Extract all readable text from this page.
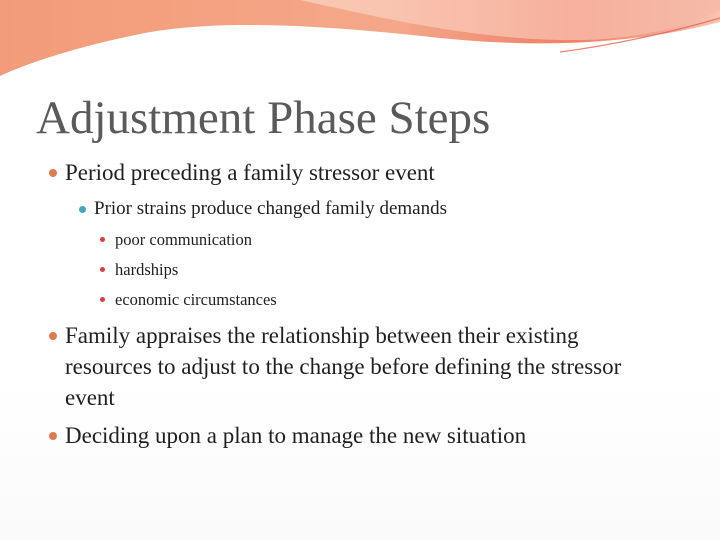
Adjustment Phase Steps

Period preceding a family stressor event

Prior strains produce changed family demands

poor communication

hardships

economic circumstances

Family appraises the relationship between their existing resources to adjust to the change before defining the stressor event

Deciding upon a plan to manage the new situation
